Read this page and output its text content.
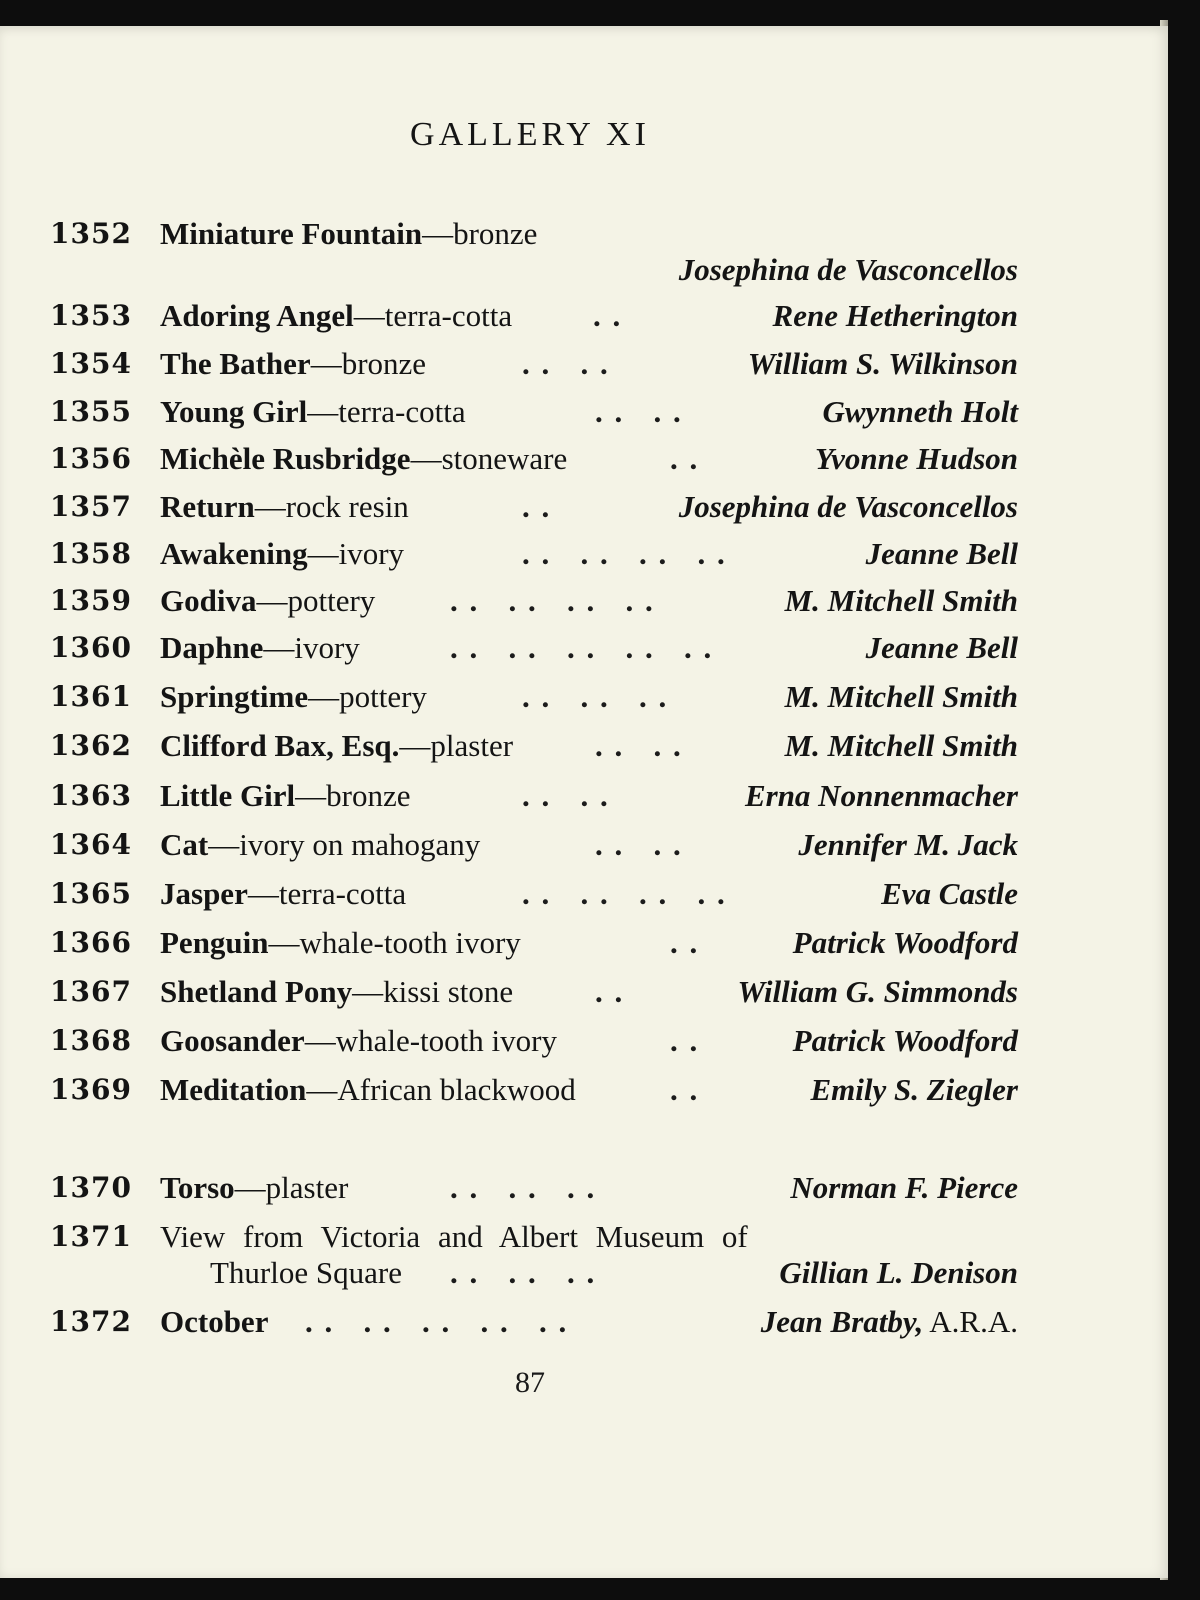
GALLERY XI
1352 Miniature Fountain—bronze
Josephina de Vasconcellos
1353 Adoring Angel—terra-cotta	. .	Rene Hetherington
1354 The Bather—bronze	. .   . .	William S. Wilkinson
1355 Young Girl—terra-cotta	. .   . .	Gwynneth Holt
1356 Michèle Rusbridge—stoneware	. .	Yvonne Hudson
1357 Return—rock resin	. .	Josephina de Vasconcellos
1358 Awakening—ivory	. .   . .   . .   . .	Jeanne Bell
1359 Godiva—pottery . .   . .   . .   . .	M. Mitchell Smith
1360 Daphne—ivory	. .   . .   . .   . .   . .	Jeanne Bell
1361 Springtime—pottery	. .   . .   . .	M. Mitchell Smith
1362 Clifford Bax, Esq.—plaster	. .   . .	M. Mitchell Smith
1363 Little Girl—bronze	. .   . .	Erna Nonnenmacher
1364 Cat—ivory on mahogany	. .   . .	Jennifer M. Jack
1365 Jasper—terra-cotta	. .   . .   . .   . .	Eva Castle
1366 Penguin—whale-tooth ivory	. .	Patrick Woodford
1367 Shetland Pony—kissi stone	. .	William G. Simmonds
1368 Goosander—whale-tooth ivory	. .	Patrick Woodford
1369 Meditation—African blackwood	. .	Emily S. Ziegler
1370 Torso—plaster	. .   . .   . .	Norman F. Pierce
1371 View from Victoria and Albert Museum of
Thurloe Square . .   . .   . .	Gillian L. Denison
1372 October . .   . .   . .   . .   . .	Jean Bratby, A.R.A.
87
